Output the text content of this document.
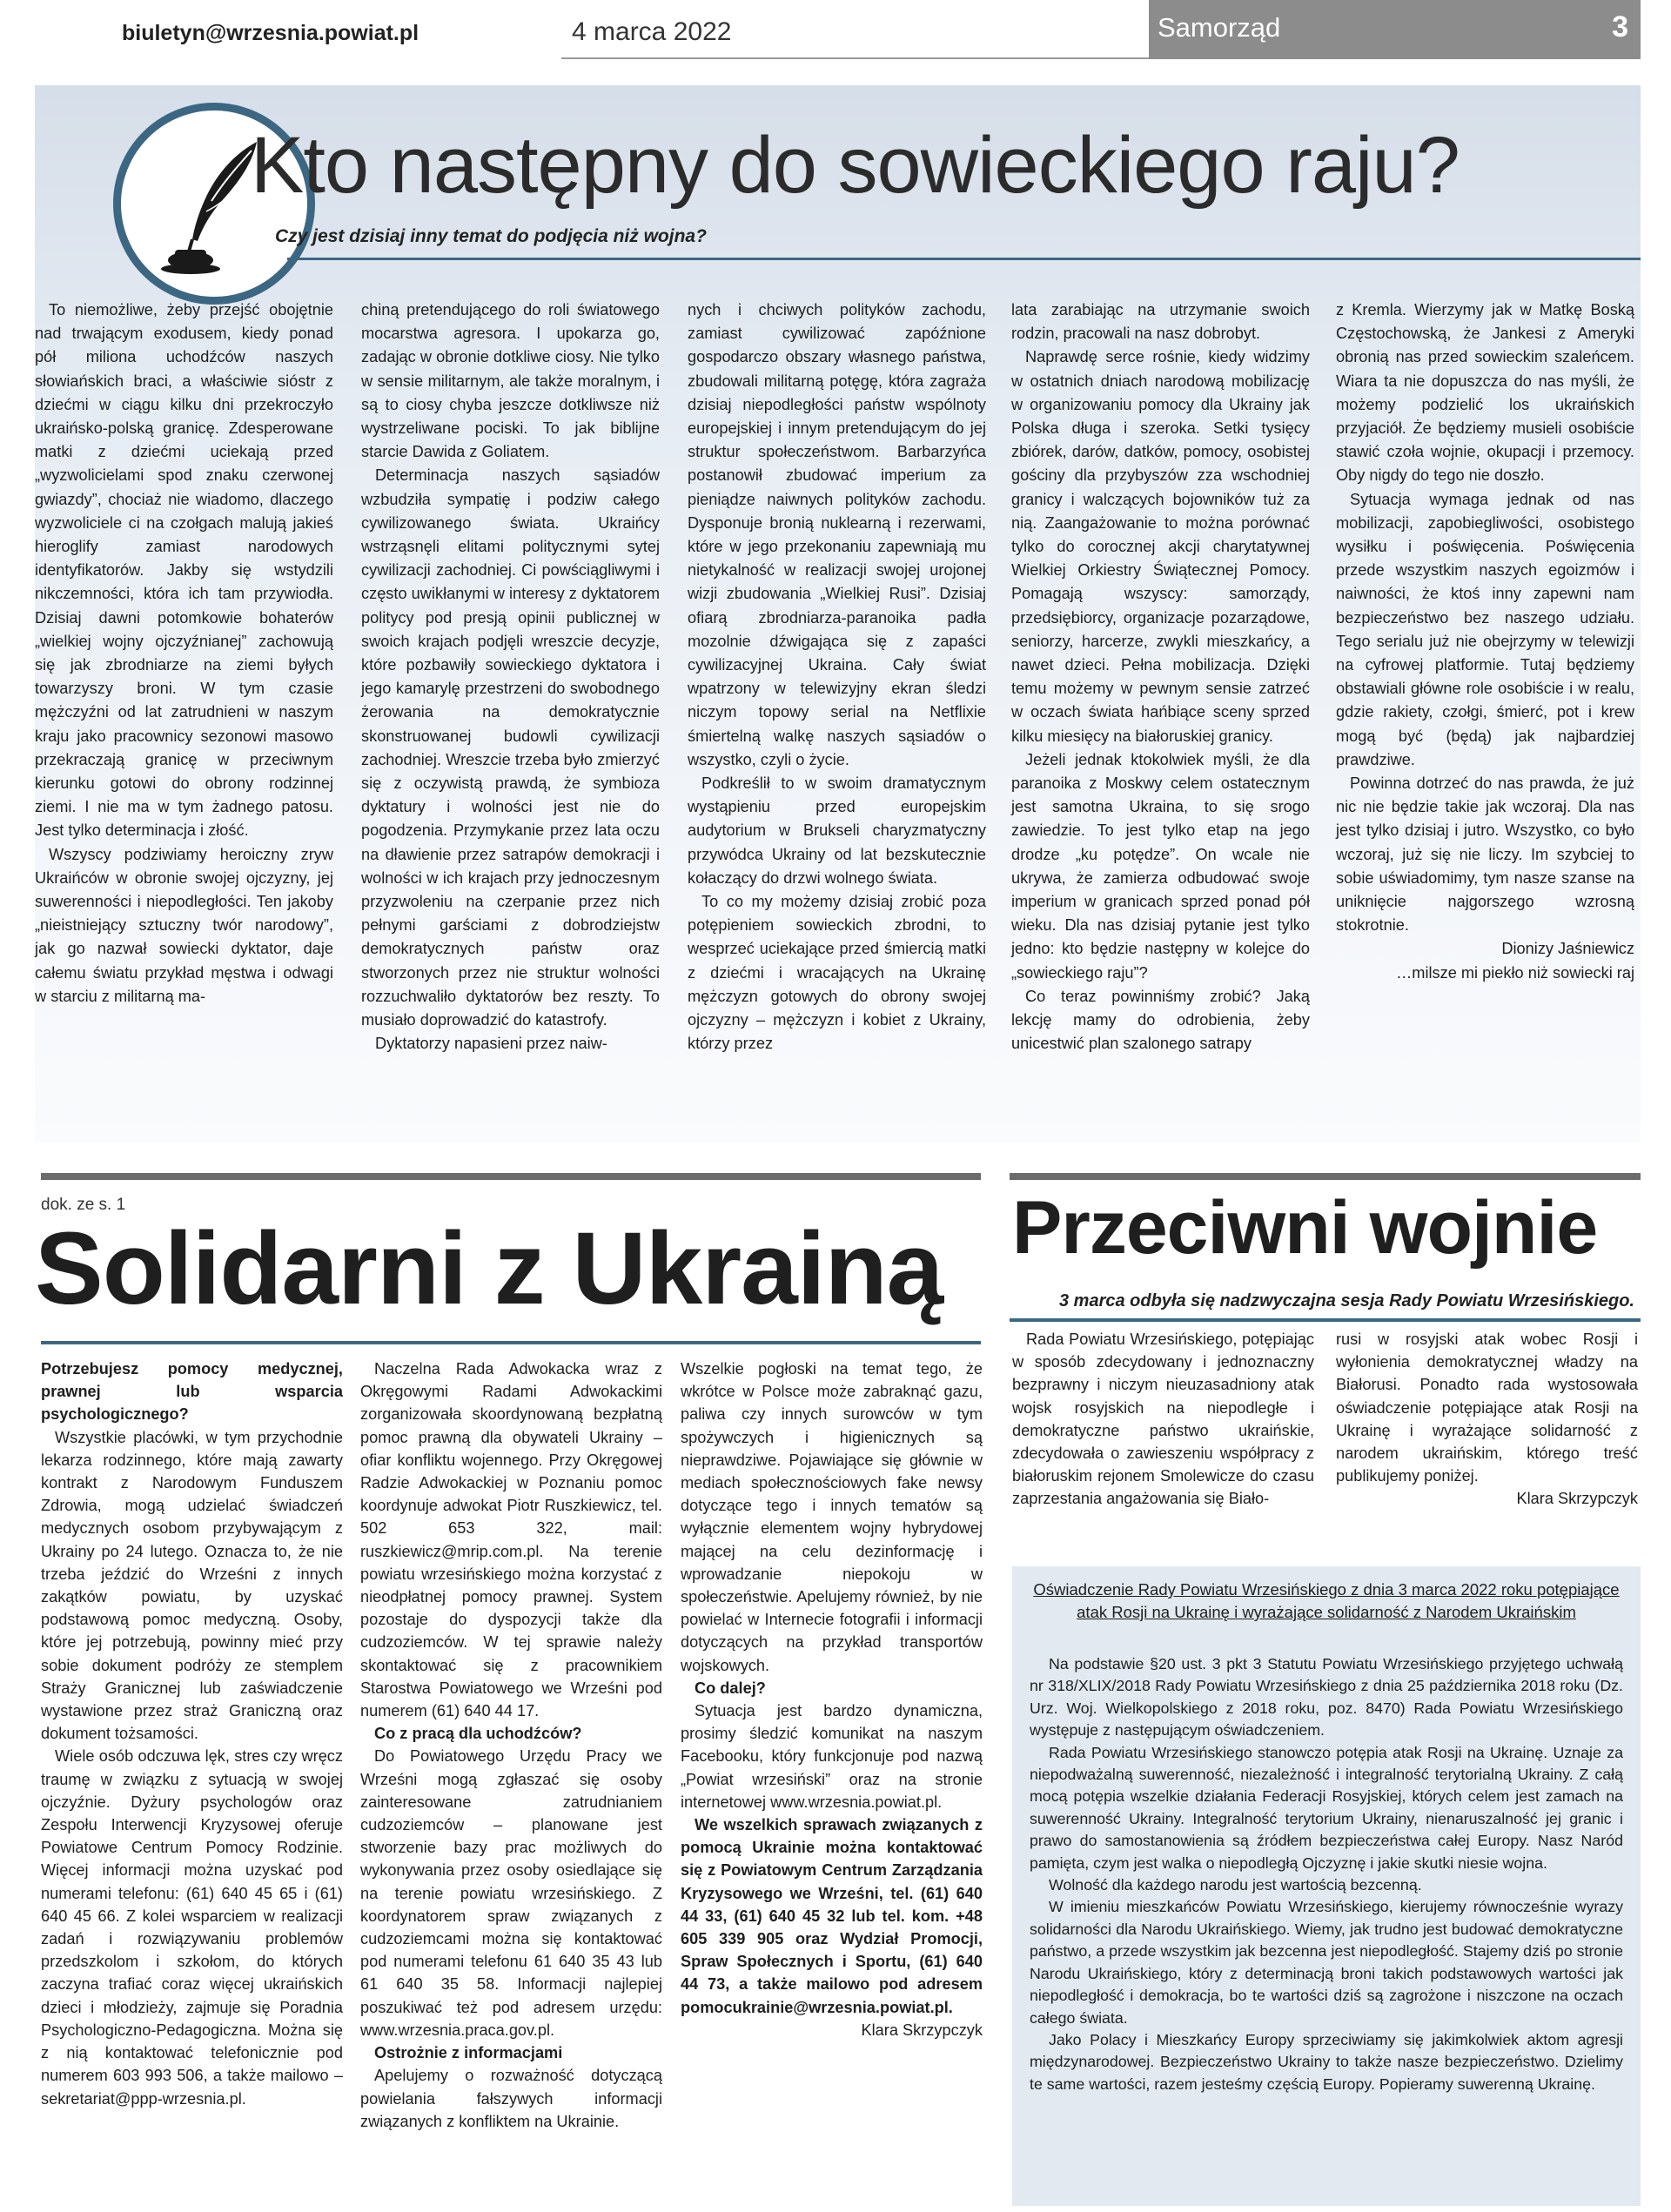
biuletyn@wrzesnia.powiat.pl	4 marca 2022	Samorząd	3
Kto następny do sowieckiego raju?
Czy jest dzisiaj inny temat do podjęcia niż wojna?

To niemożliwe, żeby przejść obojętnie nad trwającym exodusem, kiedy ponad pół miliona uchodźców naszych słowiańskich braci, a właściwie sióstr z dziećmi w ciągu kilku dni przekroczyło ukraińsko-polską granicę. Zdesperowane matki z dziećmi uciekają przed „wyzwolicielami spod znaku czerwonej gwiazdy”, chociaż nie wiadomo, dlaczego wyzwoliciele ci na czołgach malują jakieś hieroglify zamiast narodowych identyfikatorów. Jakby się wstydzili nikczemności, która ich tam przywiodła. Dzisiaj dawni potomkowie bohaterów „wielkiej wojny ojczyźnianej” zachowują się jak zbrodniarze na ziemi byłych towarzyszy broni. W tym czasie mężczyźni od lat zatrudnieni w naszym kraju jako pracownicy sezonowi masowo przekraczają granicę w przeciwnym kierunku gotowi do obrony rodzinnej ziemi. I nie ma w tym żadnego patosu. Jest tylko determinacja i złość.

Wszyscy podziwiamy heroiczny zryw Ukraińców w obronie swojej ojczyzny, jej suwerenności i niepodległości. Ten jakoby „nieistniejący sztuczny twór narodowy”, jak go nazwał sowiecki dyktator, daje całemu światu przykład męstwa i odwagi w starciu z militarną ma-

chiną pretendującego do roli światowego mocarstwa agresora. I upokarza go, zadając w obronie dotkliwe ciosy. Nie tylko w sensie militarnym, ale także moralnym, i są to ciosy chyba jeszcze dotkliwsze niż wystrzeliwane pociski. To jak biblijne starcie Dawida z Goliatem.

Determinacja naszych sąsiadów wzbudziła sympatię i podziw całego cywilizowanego świata. Ukraińcy wstrząsnęli elitami politycznymi sytej cywilizacji zachodniej. Ci powściągliwymi i często uwikłanymi w interesy z dyktatorem politycy pod presją opinii publicznej w swoich krajach podjęli wreszcie decyzje, które pozbawiły sowieckiego dyktatora i jego kamarylę przestrzeni do swobodnego żerowania na demokratycznie skonstruowanej budowli cywilizacji zachodniej. Wreszcie trzeba było zmierzyć się z oczywistą prawdą, że symbioza dyktatury i wolności jest nie do pogodzenia. Przymykanie przez lata oczu na dławienie przez satrapów demokracji i wolności w ich krajach przy jednoczesnym przyzwoleniu na czerpanie przez nich pełnymi garściami z dobrodziejstw demokratycznych państw oraz stworzonych przez nie struktur wolności rozzuchwaliło dyktatorów bez reszty. To musiało doprowadzić do katastrofy.

Dyktatorzy napasieni przez naiw-

nych i chciwych polityków zachodu, zamiast cywilizować zapóźnione gospodarczo obszary własnego państwa, zbudowali militarną potęgę, która zagraża dzisiaj niepodległości państw wspólnoty europejskiej i innym pretendującym do jej struktur społeczeństwom. Barbarzyńca postanowił zbudować imperium za pieniądze naiwnych polityków zachodu. Dysponuje bronią nuklearną i rezerwami, które w jego przekonaniu zapewniają mu nietykalność w realizacji swojej urojonej wizji zbudowania „Wielkiej Rusi”. Dzisiaj ofiarą zbrodniarza-paranoika padła mozolnie dźwigająca się z zapaści cywilizacyjnej Ukraina. Cały świat wpatrzony w telewizyjny ekran śledzi niczym topowy serial na Netflixie śmiertelną walkę naszych sąsiadów o wszystko, czyli o życie.

Podkreślił to w swoim dramatycznym wystąpieniu przed europejskim audytorium w Brukseli charyzmatyczny przywódca Ukrainy od lat bezskutecznie kołaczący do drzwi wolnego świata.

To co my możemy dzisiaj zrobić poza potępieniem sowieckich zbrodni, to wesprzeć uciekające przed śmiercią matki z dziećmi i wracających na Ukrainę mężczyzn gotowych do obrony swojej ojczyzny – mężczyzn i kobiet z Ukrainy, którzy przez

lata zarabiając na utrzymanie swoich rodzin, pracowali na nasz dobrobyt.

Naprawdę serce rośnie, kiedy widzimy w ostatnich dniach narodową mobilizację w organizowaniu pomocy dla Ukrainy jak Polska długa i szeroka. Setki tysięcy zbiórek, darów, datków, pomocy, osobistej gościny dla przybyszów zza wschodniej granicy i walczących bojowników tuż za nią. Zaangażowanie to można porównać tylko do corocznej akcji charytatywnej Wielkiej Orkiestry Świątecznej Pomocy. Pomagają wszyscy: samorządy, przedsiębiorcy, organizacje pozarządowe, seniorzy, harcerze, zwykli mieszkańcy, a nawet dzieci. Pełna mobilizacja. Dzięki temu możemy w pewnym sensie zatrzeć w oczach świata hańbiące sceny sprzed kilku miesięcy na białoruskiej granicy.

Jeżeli jednak ktokolwiek myśli, że dla paranoika z Moskwy celem ostatecznym jest samotna Ukraina, to się srogo zawiedzie. To jest tylko etap na jego drodze „ku potędze”. On wcale nie ukrywa, że zamierza odbudować swoje imperium w granicach sprzed ponad pół wieku. Dla nas dzisiaj pytanie jest tylko jedno: kto będzie następny w kolejce do „sowieckiego raju”?

Co teraz powinniśmy zrobić? Jaką lekcję mamy do odrobienia, żeby unicestwić plan szalonego satrapy

z Kremla. Wierzymy jak w Matkę Boską Częstochowską, że Jankesi z Ameryki obronią nas przed sowieckim szaleńcem. Wiara ta nie dopuszcza do nas myśli, że możemy podzielić los ukraińskich przyjaciół. Że będziemy musieli osobiście stawić czoła wojnie, okupacji i przemocy. Oby nigdy do tego nie doszło.

Sytuacja wymaga jednak od nas mobilizacji, zapobiegliwości, osobistego wysiłku i poświęcenia. Poświęcenia przede wszystkim naszych egoizmów i naiwności, że ktoś inny zapewni nam bezpieczeństwo bez naszego udziału. Tego serialu już nie obejrzymy w telewizji na cyfrowej platformie. Tutaj będziemy obstawiali główne role osobiście i w realu, gdzie rakiety, czołgi, śmierć, pot i krew mogą być (będą) jak najbardziej prawdziwe.

Powinna dotrzeć do nas prawda, że już nic nie będzie takie jak wczoraj. Dla nas jest tylko dzisiaj i jutro. Wszystko, co było wczoraj, już się nie liczy. Im szybciej to sobie uświadomimy, tym nasze szanse na uniknięcie najgorszego wzrosną stokrotnie.

Dionizy Jaśniewicz

…milsze mi piekło niż sowiecki raj

dok. ze s. 1
Solidarni z Ukrainą

Potrzebujesz pomocy medycznej, prawnej lub wsparcia psychologicznego?

Wszystkie placówki, w tym przychodnie lekarza rodzinnego, które mają zawarty kontrakt z Narodowym Funduszem Zdrowia, mogą udzielać świadczeń medycznych osobom przybywającym z Ukrainy po 24 lutego. Oznacza to, że nie trzeba jeździć do Wrześni z innych zakątków powiatu, by uzyskać podstawową pomoc medyczną. Osoby, które jej potrzebują, powinny mieć przy sobie dokument podróży ze stemplem Straży Granicznej lub zaświadczenie wystawione przez straż Graniczną oraz dokument tożsamości.

Wiele osób odczuwa lęk, stres czy wręcz traumę w związku z sytuacją w swojej ojczyźnie. Dyżury psychologów oraz Zespołu Interwencji Kryzysowej oferuje Powiatowe Centrum Pomocy Rodzinie. Więcej informacji można uzyskać pod numerami telefonu: (61) 640 45 65 i (61) 640 45 66. Z kolei wsparciem w realizacji zadań i rozwiązywaniu problemów przedszkolom i szkołom, do których zaczyna trafiać coraz więcej ukraińskich dzieci i młodzieży, zajmuje się Poradnia Psychologiczno-Pedagogiczna. Można się z nią kontaktować telefonicznie pod numerem 603 993 506, a także mailowo – sekretariat@ppp-wrzesnia.pl.

Naczelna Rada Adwokacka wraz z Okręgowymi Radami Adwokackimi zorganizowała skoordynowaną bezpłatną pomoc prawną dla obywateli Ukrainy – ofiar konfliktu wojennego. Przy Okręgowej Radzie Adwokackiej w Poznaniu pomoc koordynuje adwokat Piotr Ruszkiewicz, tel. 502 653 322, mail: ruszkiewicz@mrip.com.pl. Na terenie powiatu wrzesińskiego można korzystać z nieodpłatnej pomocy prawnej. System pozostaje do dyspozycji także dla cudzoziemców. W tej sprawie należy skontaktować się z pracownikiem Starostwa Powiatowego we Wrześni pod numerem (61) 640 44 17.

Co z pracą dla uchodźców?

Do Powiatowego Urzędu Pracy we Wrześni mogą zgłaszać się osoby zainteresowane zatrudnianiem cudzoziemców – planowane jest stworzenie bazy prac możliwych do wykonywania przez osoby osiedlające się na terenie powiatu wrzesińskiego. Z koordynatorem spraw związanych z cudzoziemcami można się kontaktować pod numerami telefonu 61 640 35 43 lub 61 640 35 58. Informacji najlepiej poszukiwać też pod adresem urzędu: www.wrzesnia.praca.gov.pl.

Ostrożnie z informacjami

Apelujemy o rozważność dotyczącą powielania fałszywych informacji związanych z konfliktem na Ukrainie.

Wszelkie pogłoski na temat tego, że wkrótce w Polsce może zabraknąć gazu, paliwa czy innych surowców w tym spożywczych i higienicznych są nieprawdziwe. Pojawiające się głównie w mediach społecznościowych fake newsy dotyczące tego i innych tematów są wyłącznie elementem wojny hybrydowej mającej na celu dezinformację i wprowadzanie niepokoju w społeczeństwie. Apelujemy również, by nie powielać w Internecie fotografii i informacji dotyczących na przykład transportów wojskowych.

Co dalej?

Sytuacja jest bardzo dynamiczna, prosimy śledzić komunikat na naszym Facebooku, który funkcjonuje pod nazwą „Powiat wrzesiński” oraz na stronie internetowej www.wrzesnia.powiat.pl.

We wszelkich sprawach związanych z pomocą Ukrainie można kontaktować się z Powiatowym Centrum Zarządzania Kryzysowego we Wrześni, tel. (61) 640 44 33, (61) 640 45 32 lub tel. kom. +48 605 339 905 oraz Wydział Promocji, Spraw Społecznych i Sportu, (61) 640 44 73, a także mailowo pod adresem pomocukrainie@wrzesnia.powiat.pl.

Klara Skrzypczyk

Przeciwni wojnie
3 marca odbyła się nadzwyczajna sesja Rady Powiatu Wrzesińskiego.

Rada Powiatu Wrzesińskiego, potępiając w sposób zdecydowany i jednoznaczny bezprawny i niczym nieuzasadniony atak wojsk rosyjskich na niepodległe i demokratyczne państwo ukraińskie, zdecydowała o zawieszeniu współpracy z białoruskim rejonem Smolewicze do czasu zaprzestania angażowania się Biało-

rusi w rosyjski atak wobec Rosji i wyłonienia demokratycznej władzy na Białorusi. Ponadto rada wystosowała oświadczenie potępiające atak Rosji na Ukrainę i wyrażające solidarność z narodem ukraińskim, którego treść publikujemy poniżej.

Klara Skrzypczyk

Oświadczenie Rady Powiatu Wrzesińskiego z dnia 3 marca 2022 roku potępiające atak Rosji na Ukrainę i wyrażające solidarność z Narodem Ukraińskim

Na podstawie §20 ust. 3 pkt 3 Statutu Powiatu Wrzesińskiego przyjętego uchwałą nr 318/XLIX/2018 Rady Powiatu Wrzesińskiego z dnia 25 października 2018 roku (Dz. Urz. Woj. Wielkopolskiego z 2018 roku, poz. 8470) Rada Powiatu Wrzesińskiego występuje z następującym oświadczeniem.

Rada Powiatu Wrzesińskiego stanowczo potępia atak Rosji na Ukrainę. Uznaje za niepodważalną suwerenność, niezależność i integralność terytorialną Ukrainy. Z całą mocą potępia wszelkie działania Federacji Rosyjskiej, których celem jest zamach na suwerenność Ukrainy. Integralność terytorium Ukrainy, nienaruszalność jej granic i prawo do samostanowienia są źródłem bezpieczeństwa całej Europy. Nasz Naród pamięta, czym jest walka o niepodległą Ojczyznę i jakie skutki niesie wojna.

Wolność dla każdego narodu jest wartością bezcenną.

W imieniu mieszkańców Powiatu Wrzesińskiego, kierujemy równocześnie wyrazy solidarności dla Narodu Ukraińskiego. Wiemy, jak trudno jest budować demokratyczne państwo, a przede wszystkim jak bezcenna jest niepodległość. Stajemy dziś po stronie Narodu Ukraińskiego, który z determinacją broni takich podstawowych wartości jak niepodległość i demokracja, bo te wartości dziś są zagrożone i niszczone na oczach całego świata.

Jako Polacy i Mieszkańcy Europy sprzeciwiamy się jakimkolwiek aktom agresji międzynarodowej. Bezpieczeństwo Ukrainy to także nasze bezpieczeństwo. Dzielimy te same wartości, razem jesteśmy częścią Europy. Popieramy suwerenną Ukrainę.
